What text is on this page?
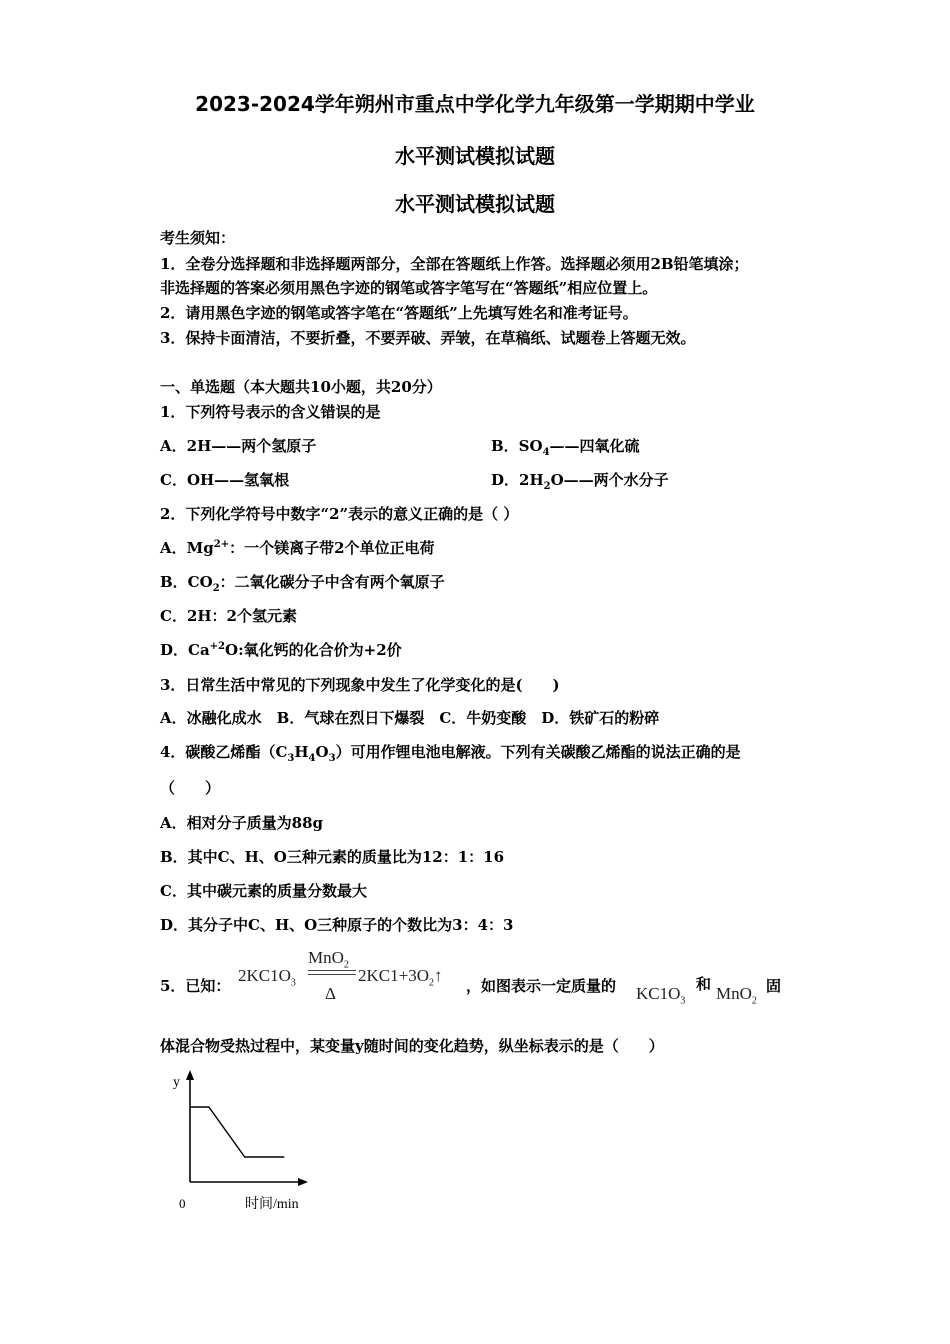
2023-2024学年朔州市重点中学化学九年级第一学期期中学业
水平测试模拟试题
水平测试模拟试题
考生须知：
1．全卷分选择题和非选择题两部分，全部在答题纸上作答。选择题必须用2B铅笔填涂；
非选择题的答案必须用黑色字迹的钢笔或答字笔写在“答题纸”相应位置上。
2．请用黑色字迹的钢笔或答字笔在“答题纸”上先填写姓名和准考证号。
3．保持卡面清洁，不要折叠，不要弄破、弄皱，在草稿纸、试题卷上答题无效。
一、单选题（本大题共10小题，共20分）
1．下列符号表示的含义错误的是
A．2H——两个氢原子	B．$SO_4——$四氧化硫
C．OH——氢氧根	D．$2H_2O——$两个水分子
2．下列化学符号中数字“2”表示的意义正确的是（ ）
A．$Mg^{2+}$：一个镁离子带2个单位正电荷
B．$CO_2$：二氧化碳分子中含有两个氧原子
C．2H：2个氢元素
D．$Ca^{+2}O$:氧化钙的化合价为+2价
3．日常生活中常见的下列现象中发生了化学变化的是(　　)
A．冰融化成水　B．气球在烈日下爆裂　C．牛奶变酸　D．铁矿石的粉碎
4．碳酸乙烯酯$(C_3H_4O_3)$可用作锂电池电解液。下列有关碳酸乙烯酯的说法正确的是
（　　）
A．相对分子质量为88g
B．其中C、H、O三种元素的质量比为12：1：16
C．其中碳元素的质量分数最大
D．其分子中C、H、O三种原子的个数比为3：4：3
5．已知：
$2KC1O_3$
MnO$_2$
Δ
$2KC1+3O_2↑$
，如图表示一定质量的 $KC1O_3$
和 MnO$_2$
固
体混合物受热过程中，某变量y随时间的变化趋势，纵坐标表示的是（　　）
y
0	时间/min
